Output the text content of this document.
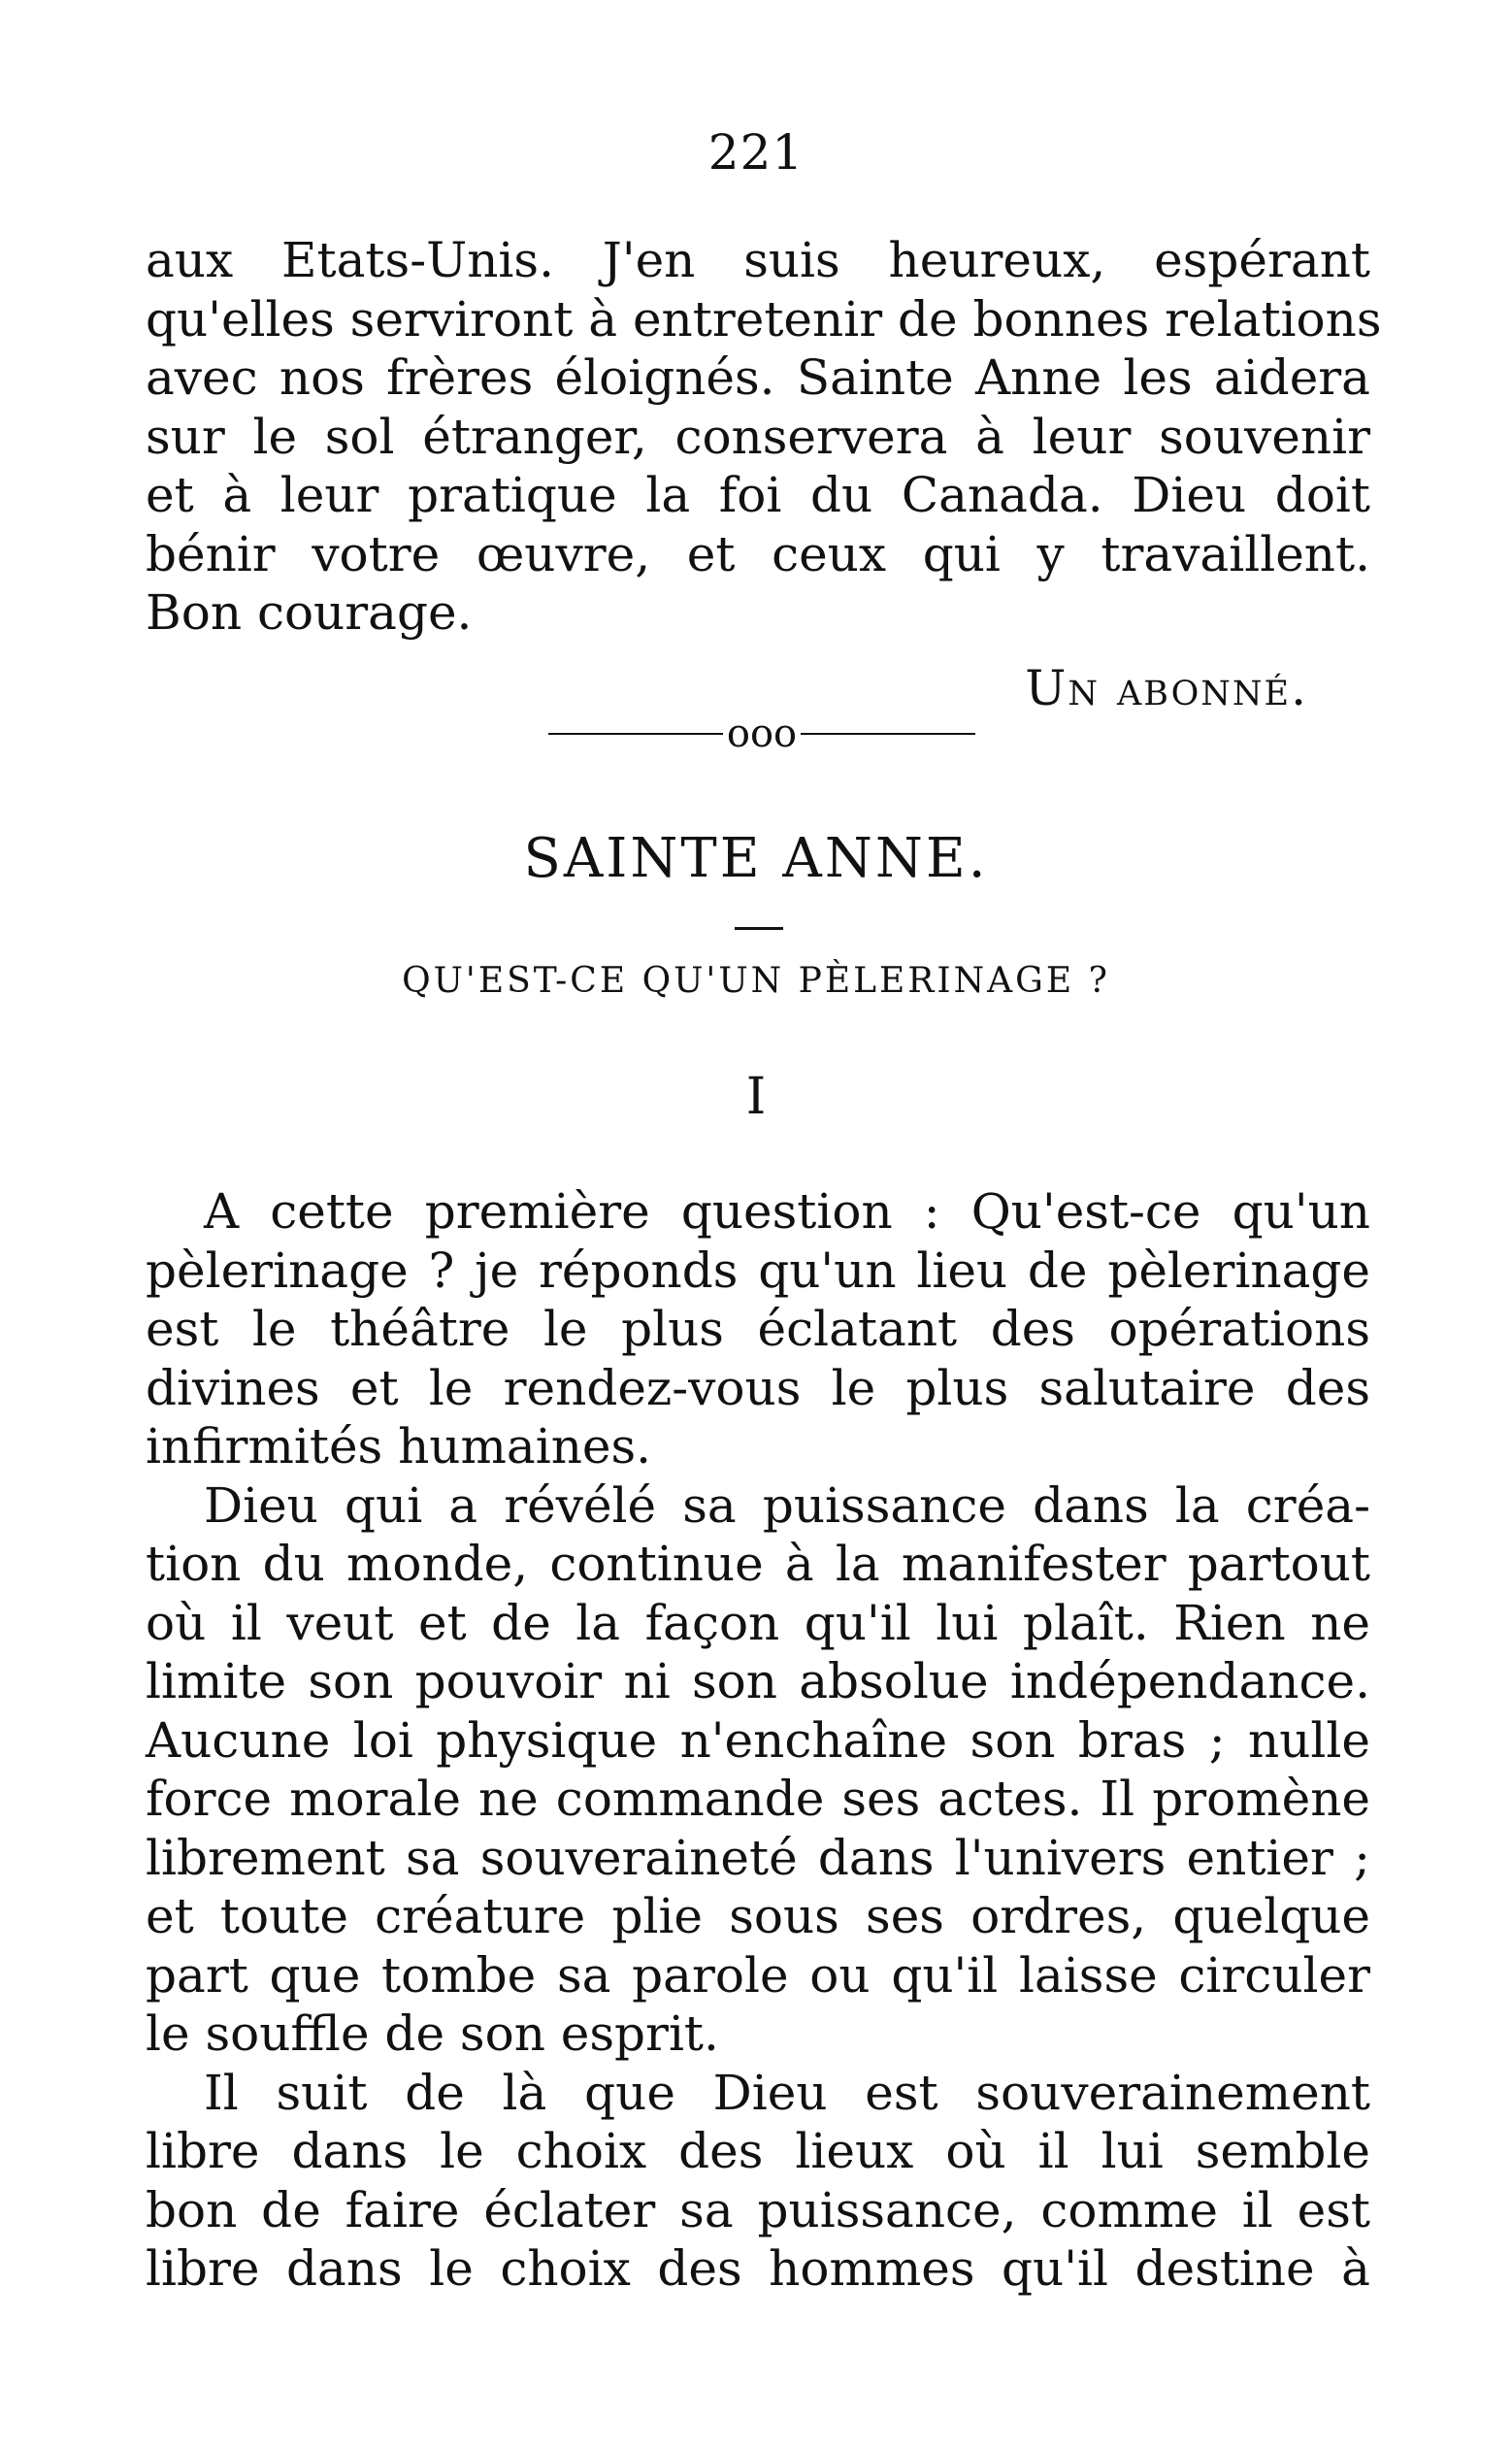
221
aux Etats-Unis. J'en suis heureux, espérant
qu'elles serviront à entretenir de bonnes relations
avec nos frères éloignés. Sainte Anne les aidera
sur le sol étranger, conservera à leur souvenir
et à leur pratique la foi du Canada. Dieu doit
bénir votre œuvre, et ceux qui y travaillent.
Bon courage.
Un abonné.
ooo
SAINTE ANNE.
QU'EST-CE QU'UN PÈLERINAGE ?
I
A cette première question : Qu'est-ce qu'un
pèlerinage ? je réponds qu'un lieu de pèlerinage
est le théâtre le plus éclatant des opérations
divines et le rendez-vous le plus salutaire des
infirmités humaines.
Dieu qui a révélé sa puissance dans la créa-
tion du monde, continue à la manifester partout
où il veut et de la façon qu'il lui plaît. Rien ne
limite son pouvoir ni son absolue indépendance.
Aucune loi physique n'enchaîne son bras ; nulle
force morale ne commande ses actes. Il promène
librement sa souveraineté dans l'univers entier ;
et toute créature plie sous ses ordres, quelque
part que tombe sa parole ou qu'il laisse circuler
le souffle de son esprit.
Il suit de là que Dieu est souverainement
libre dans le choix des lieux où il lui semble
bon de faire éclater sa puissance, comme il est
libre dans le choix des hommes qu'il destine à
